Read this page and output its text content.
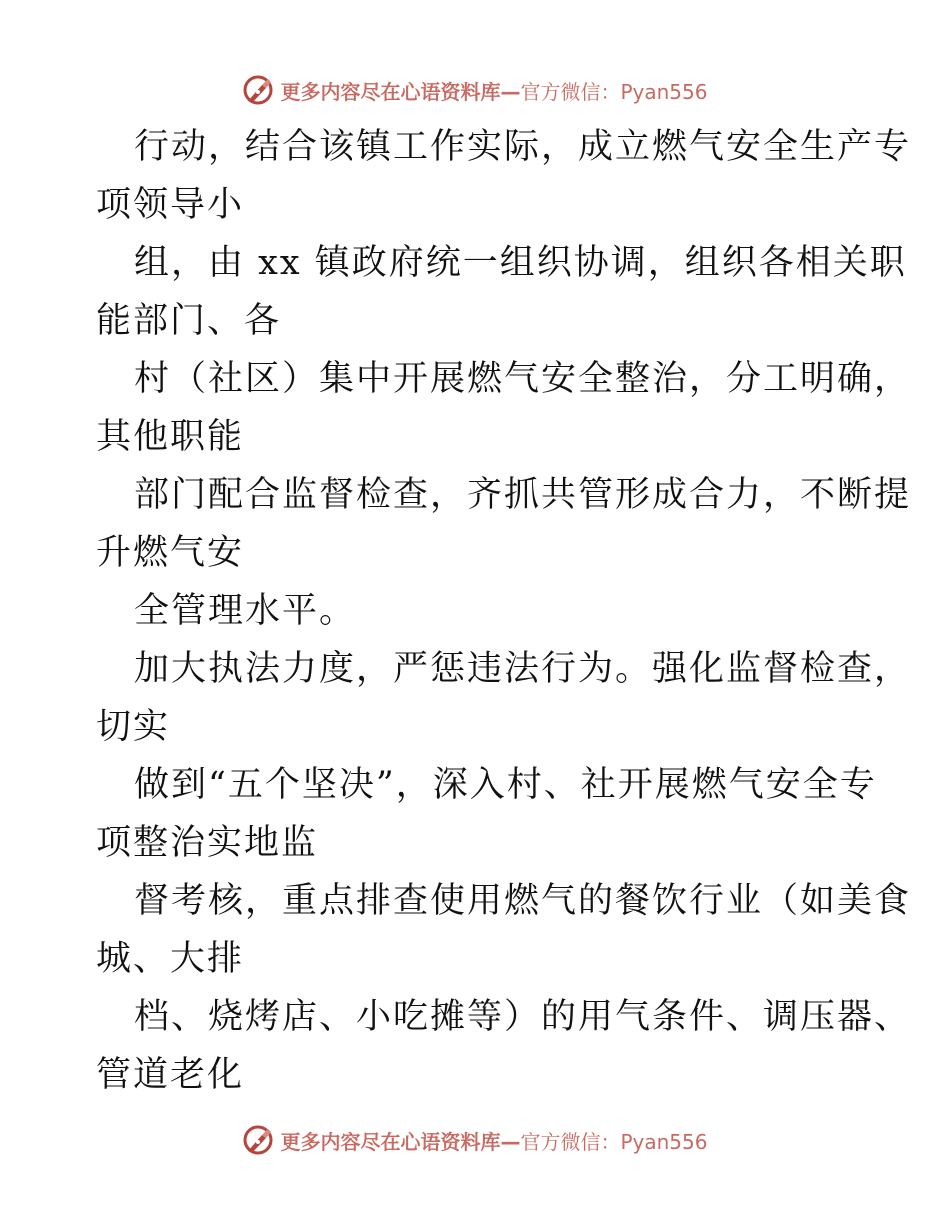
更多内容尽在心语资料库—官方微信：Pyan556
行动，结合该镇工作实际，成立燃气安全生产专
项领导小
组，由 xx 镇政府统一组织协调，组织各相关职
能部门、各
村（社区）集中开展燃气安全整治，分工明确，
其他职能
部门配合监督检查，齐抓共管形成合力，不断提
升燃气安
全管理水平。
加大执法力度，严惩违法行为。强化监督检查，
切实
做到“五个坚决”，深入村、社开展燃气安全专
项整治实地监
督考核，重点排查使用燃气的餐饮行业（如美食
城、大排
档、烧烤店、小吃摊等）的用气条件、调压器、
管道老化
更多内容尽在心语资料库—官方微信：Pyan556
